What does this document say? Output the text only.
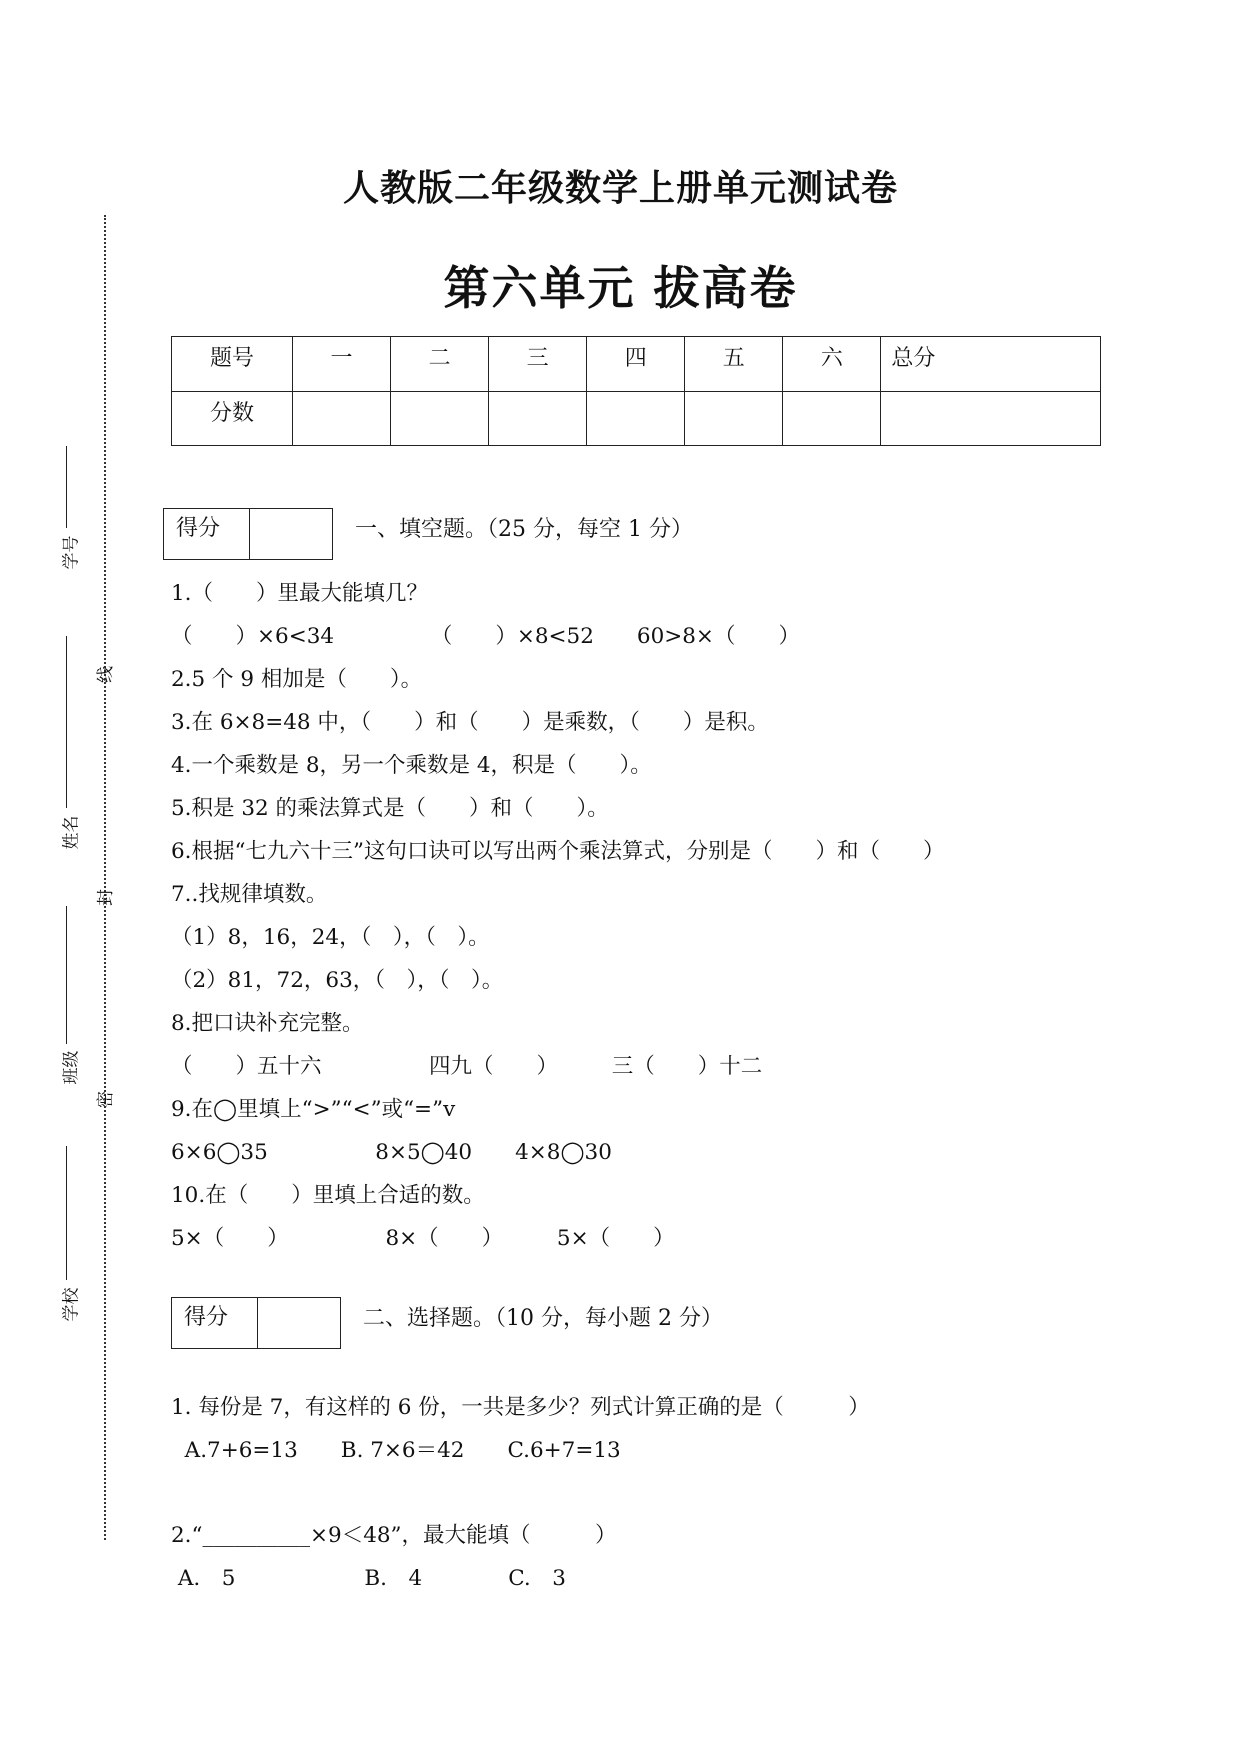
人教版二年级数学上册单元测试卷
第六单元 拔高卷
题号	一	二	三	四	五	六	总分
分数							
学号
姓名
班级
学校
线
封
密
得分	一、填空题。（25 分，每空 1 分）
1.（　　）里最大能填几？
（　　）×6<34　　　　　（　　）×8<52　　60>8×（　　）
2.5 个 9 相加是（　　）。
3.在 6×8=48 中，（　　）和（　　）是乘数，（　　）是积。
4.一个乘数是 8，另一个乘数是 4，积是（　　）。
5.积是 32 的乘法算式是（　　）和（　　）。
6.根据“七九六十三”这句口诀可以写出两个乘法算式，分别是（　　）和（　　）
7..找规律填数。
（1）8，16，24，（　），（　）。
（2）81，72，63，（　），（　）。
8.把口诀补充完整。
（　　）五十六　　　　　四九（　　）　　　三（　　）十二
9.在◯里填上“>”“<”或“=”v
6×6◯35　　　　　8×5◯40　　4×8◯30
10.在（　　）里填上合适的数。
5×（　　）　　　　　8×（　　）　　　5×（　　）
得分	二、选择题。（10 分，每小题 2 分）
1. 每份是 7，有这样的 6 份，一共是多少？列式计算正确的是（　　　）
A.7+6=13　　B. 7×6＝42　　C.6+7=13
2.“__________×9＜48”，最大能填（　　　）
A.　5　　　　　　B.　4　　　　C.　3
